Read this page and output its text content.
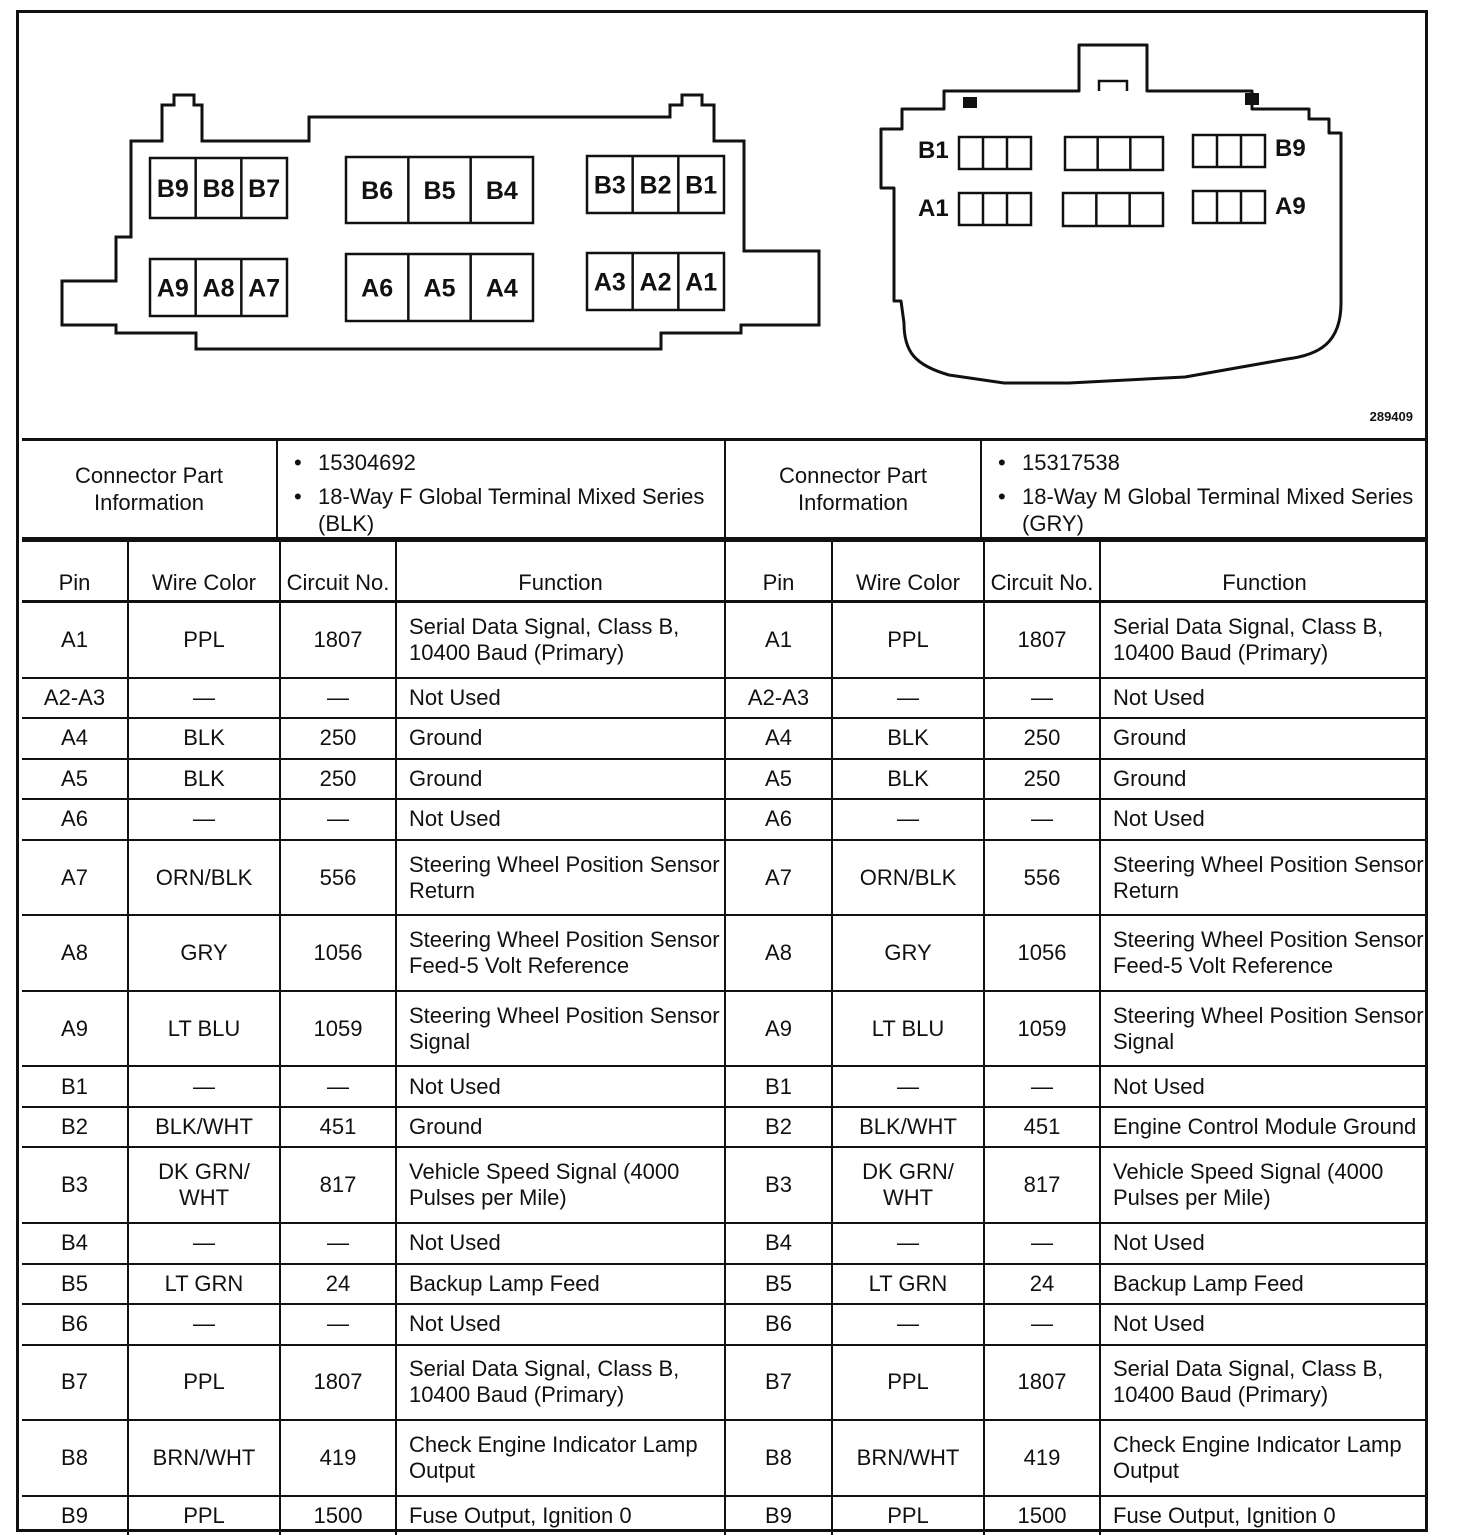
B9 B8 B7
A9 A8 A7
B6 B5 B4
A6 A5 A4
B3 B2 B1
A3 A2 A1
B1
A1
B9
A9
289409
Connector Part Information
• 15304692
• 18-Way F Global Terminal Mixed Series (BLK)
Pin	Wire Color	Circuit No.	Function
A1	PPL	1807	Serial Data Signal, Class B, 10400 Baud (Primary)
A2-A3	—	—	Not Used
A4	BLK	250	Ground
A5	BLK	250	Ground
A6	—	—	Not Used
A7	ORN/BLK	556	Steering Wheel Position Sensor Return
A8	GRY	1056	Steering Wheel Position Sensor Feed-5 Volt Reference
A9	LT BLU	1059	Steering Wheel Position Sensor Signal
B1	—	—	Not Used
B2	BLK/WHT	451	Ground
B3	DK GRN/ WHT	817	Vehicle Speed Signal (4000 Pulses per Mile)
B4	—	—	Not Used
B5	LT GRN	24	Backup Lamp Feed
B6	—	—	Not Used
B7	PPL	1807	Serial Data Signal, Class B, 10400 Baud (Primary)
B8	BRN/WHT	419	Check Engine Indicator Lamp Output
B9	PPL	1500	Fuse Output, Ignition 0
Connector Part Information
• 15317538
• 18-Way M Global Terminal Mixed Series (GRY)
Pin	Wire Color	Circuit No.	Function
A1	PPL	1807	Serial Data Signal, Class B, 10400 Baud (Primary)
A2-A3	—	—	Not Used
A4	BLK	250	Ground
A5	BLK	250	Ground
A6	—	—	Not Used
A7	ORN/BLK	556	Steering Wheel Position Sensor Return
A8	GRY	1056	Steering Wheel Position Sensor Feed-5 Volt Reference
A9	LT BLU	1059	Steering Wheel Position Sensor Signal
B1	—	—	Not Used
B2	BLK/WHT	451	Engine Control Module Ground
B3	DK GRN/ WHT	817	Vehicle Speed Signal (4000 Pulses per Mile)
B4	—	—	Not Used
B5	LT GRN	24	Backup Lamp Feed
B6	—	—	Not Used
B7	PPL	1807	Serial Data Signal, Class B, 10400 Baud (Primary)
B8	BRN/WHT	419	Check Engine Indicator Lamp Output
B9	PPL	1500	Fuse Output, Ignition 0
